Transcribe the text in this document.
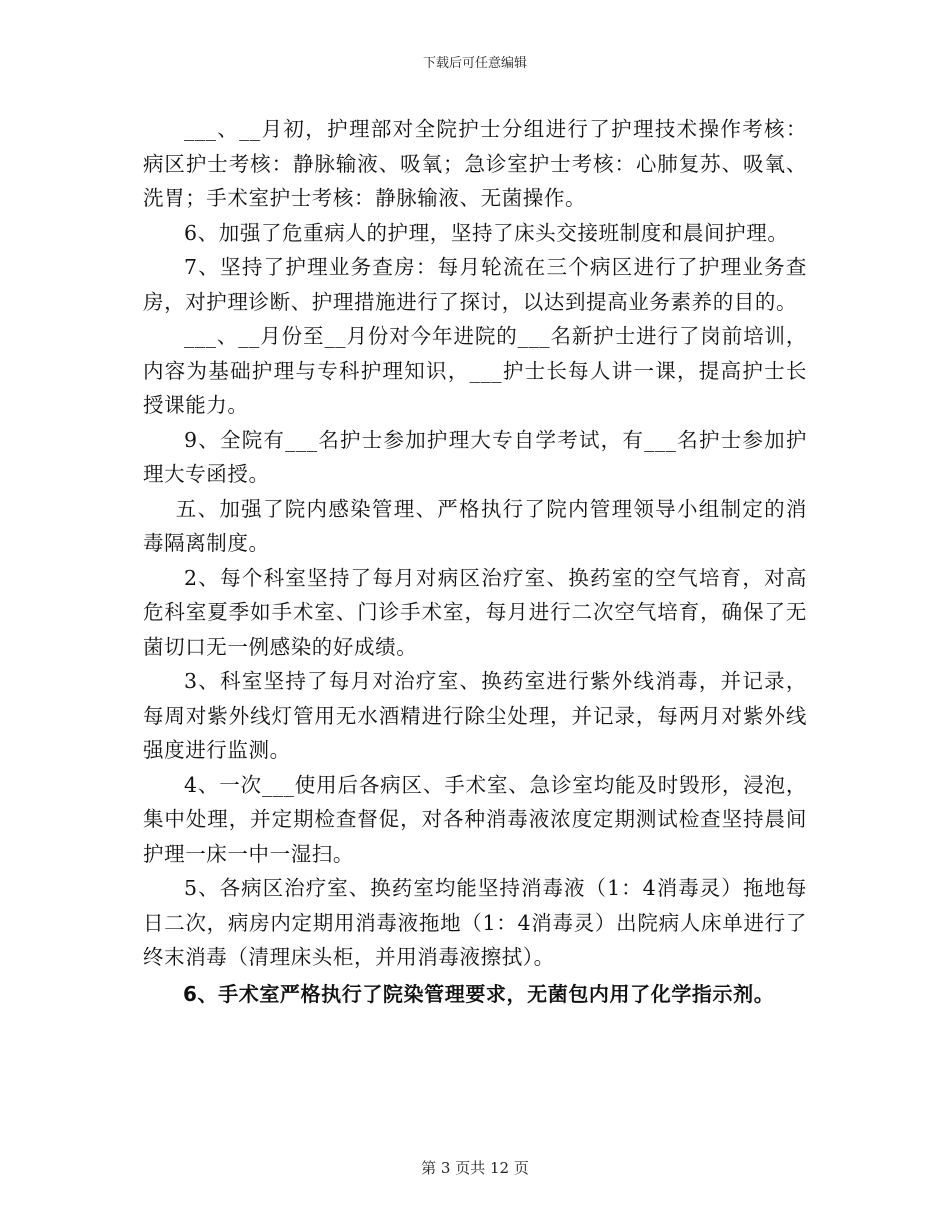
下载后可任意编辑

___、__月初，护理部对全院护士分组进行了护理技术操作考核：病区护士考核：静脉输液、吸氧；急诊室护士考核：心肺复苏、吸氧、洗胃；手术室护士考核：静脉输液、无菌操作。

6、加强了危重病人的护理，坚持了床头交接班制度和晨间护理。

7、坚持了护理业务查房：每月轮流在三个病区进行了护理业务查房，对护理诊断、护理措施进行了探讨，以达到提高业务素养的目的。

___、__月份至__月份对今年进院的___名新护士进行了岗前培训，内容为基础护理与专科护理知识，___护士长每人讲一课，提高护士长授课能力。

9、全院有___名护士参加护理大专自学考试，有___名护士参加护理大专函授。

五、加强了院内感染管理、严格执行了院内管理领导小组制定的消毒隔离制度。

2、每个科室坚持了每月对病区治疗室、换药室的空气培育，对高危科室夏季如手术室、门诊手术室，每月进行二次空气培育，确保了无菌切口无一例感染的好成绩。

3、科室坚持了每月对治疗室、换药室进行紫外线消毒，并记录，每周对紫外线灯管用无水酒精进行除尘处理，并记录，每两月对紫外线强度进行监测。

4、一次___使用后各病区、手术室、急诊室均能及时毁形，浸泡，集中处理，并定期检查督促，对各种消毒液浓度定期测试检查坚持晨间护理一床一中一湿扫。

5、各病区治疗室、换药室均能坚持消毒液（1：4消毒灵）拖地每日二次，病房内定期用消毒液拖地（1：4消毒灵）出院病人床单进行了终末消毒（清理床头柜，并用消毒液擦拭）。

6、手术室严格执行了院染管理要求，无菌包内用了化学指示剂。

第 3 页共 12 页
